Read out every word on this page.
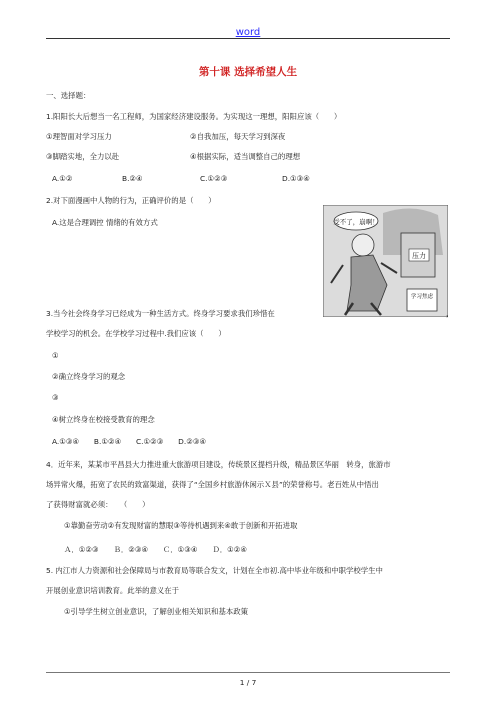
word
第十课 选择希望人生
一、选择题：
1.阳阳长大后想当一名工程师，为国家经济建设服务。为实现这一理想，阳阳应该（　　）
①理智面对学习压力	②自我加压，每天学习到深夜
③脚踏实地，全力以赴	④根据实际，适当调整自己的理想
A.①②	B.②④	C.①②③	D.①③④
2.对下面漫画中人物的行为，正确评价的是（　　）
A.这是合理调控 情绪的有效方式	受不了，崩啊！
压力
学习焦虑
3.当今社会终身学习已经成为一种生活方式。终身学习要求我们珍惜在	，
学校学习的机会。在学校学习过程中.我们应该（　　）
①
②确立终身学习的观念
③
④树立终身在校接受教育的理念
A.①③④　　B.①②④　　C.①②③　　D.②③④
4．近年来，某某市平昌县大力推进重大旅游项目建设，传统景区提档升级，精品景区华丽　转身，旅游市
场异常火爆，拓宽了农民的致富渠道，获得了“全国乡村旅游休闲示Ｘ县”的荣誉称号。老百姓从中悟出
了获得财富就必须：　　（　　）
①靠勤奋劳动②有发现财富的慧眼③等待机遇到来④敢于创新和开拓进取
Ａ．①②③　　Ｂ．②③④　　Ｃ．①③④　　Ｄ．①②④
5. 内江市人力资源和社会保障局与市教育局等联合发文，计划在全市初.高中毕业年级和中职学校学生中
开展创业意识培训教育。此举的意义在于
①引导学生树立创业意识，了解创业相关知识和基本政策
1 / 7
